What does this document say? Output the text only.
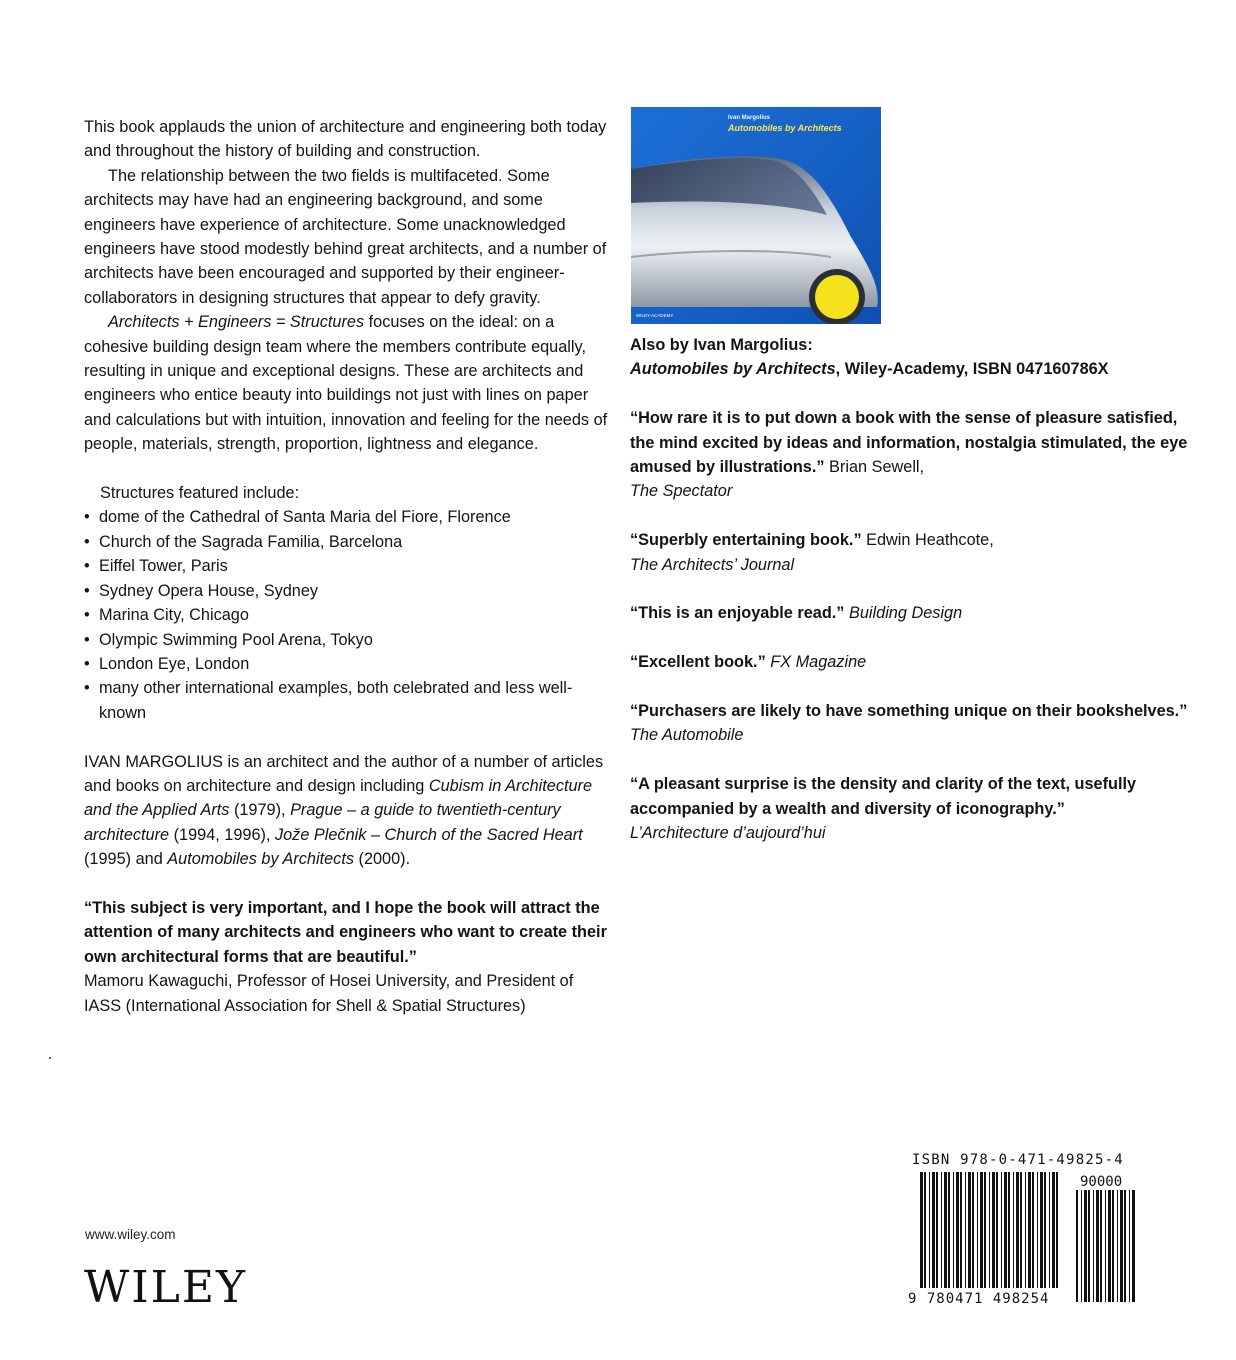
This book applauds the union of architecture and engineering both today and throughout the history of building and construction.

The relationship between the two fields is multifaceted. Some architects may have had an engineering background, and some engineers have experience of architecture. Some unacknowledged engineers have stood modestly behind great architects, and a number of architects have been encouraged and supported by their engineer-collaborators in designing structures that appear to defy gravity.

Architects + Engineers = Structures focuses on the ideal: on a cohesive building design team where the members contribute equally, resulting in unique and exceptional designs. These are architects and engineers who entice beauty into buildings not just with lines on paper and calculations but with intuition, innovation and feeling for the needs of people, materials, strength, proportion, lightness and elegance.

Structures featured include:

• dome of the Cathedral of Santa Maria del Fiore, Florence
• Church of the Sagrada Familia, Barcelona
• Eiffel Tower, Paris
• Sydney Opera House, Sydney
• Marina City, Chicago
• Olympic Swimming Pool Arena, Tokyo
• London Eye, London
• many other international examples, both celebrated and less well-known

IVAN MARGOLIUS is an architect and the author of a number of articles and books on architecture and design including Cubism in Architecture and the Applied Arts (1979), Prague – a guide to twentieth-century architecture (1994, 1996), Jože Plečnik – Church of the Sacred Heart (1995) and Automobiles by Architects (2000).

“This subject is very important, and I hope the book will attract the attention of many architects and engineers who want to create their own architectural forms that are beautiful.”

Mamoru Kawaguchi, Professor of Hosei University, and President of IASS (International Association for Shell & Spatial Structures)

Ivan Margolius
Automobiles by Architects
WILEY-ACADEMY

Also by Ivan Margolius:

Automobiles by Architects, Wiley-Academy, ISBN 047160786X

“How rare it is to put down a book with the sense of pleasure satisfied, the mind excited by ideas and information, nostalgia stimulated, the eye amused by illustrations.” Brian Sewell,
The Spectator

“Superbly entertaining book.” Edwin Heathcote,
The Architects’ Journal

“This is an enjoyable read.” Building Design

“Excellent book.” FX Magazine

“Purchasers are likely to have something unique on their bookshelves.” The Automobile

“A pleasant surprise is the density and clarity of the text, usefully accompanied by a wealth and diversity of iconography.”
L’Architecture d’aujourd’hui

www.wiley.com
WILEY
ISBN 978-0-471-49825-4
90000
9 780471 498254
